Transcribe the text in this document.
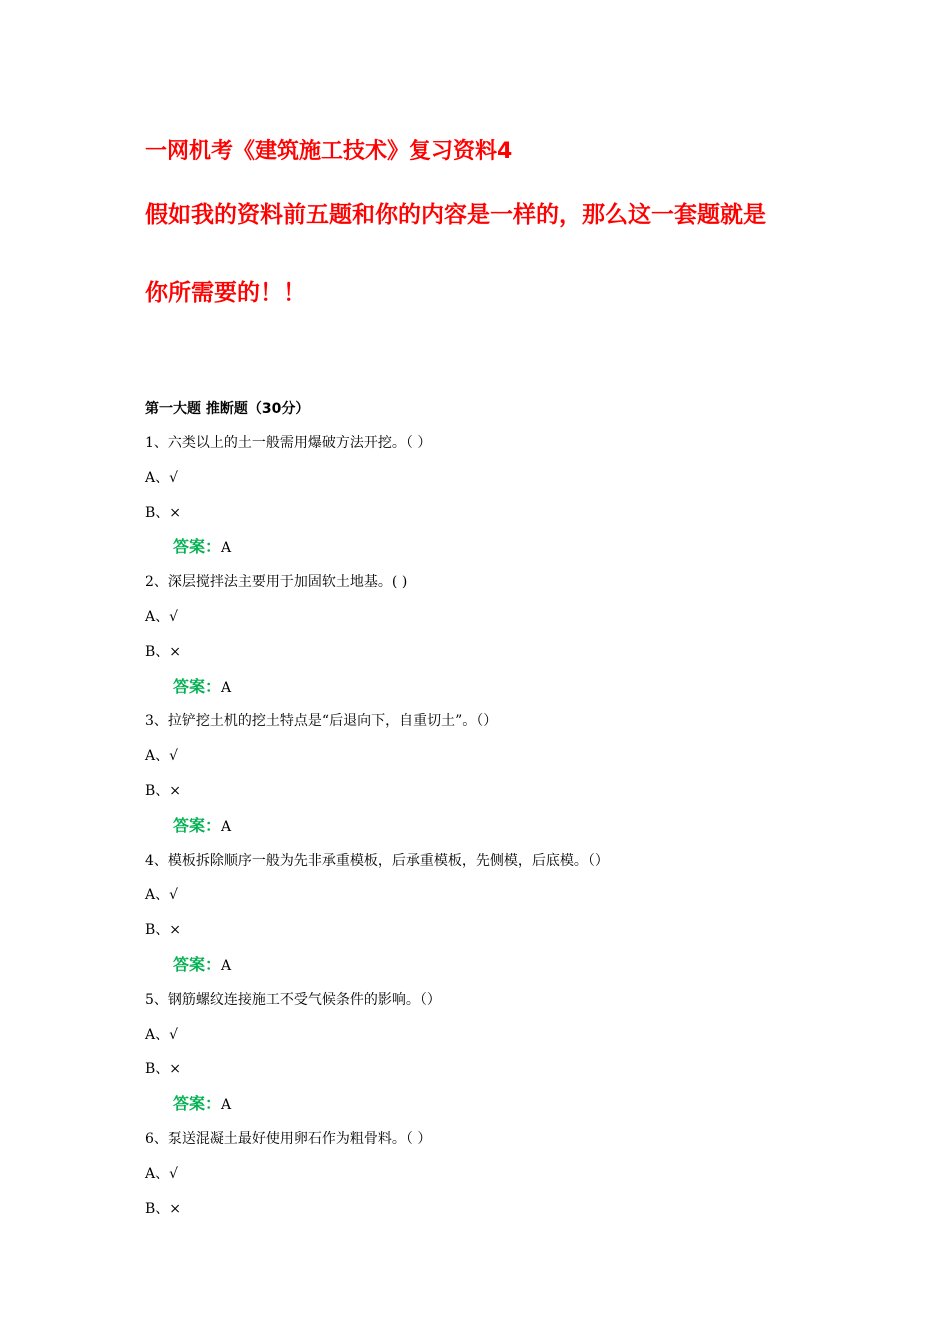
一网机考《建筑施工技术》复习资料4
假如我的资料前五题和你的内容是一样的，那么这一套题就是
你所需要的！！
第一大题 推断题（30分）
1、六类以上的土一般需用爆破方法开挖。（ ）
A、√
B、×
答案：A
2、深层搅拌法主要用于加固软土地基。( )
A、√
B、×
答案：A
3、拉铲挖土机的挖土特点是“后退向下，自重切土”。（）
A、√
B、×
答案：A
4、模板拆除顺序一般为先非承重模板，后承重模板，先侧模，后底模。（）
A、√
B、×
答案：A
5、钢筋螺纹连接施工不受气候条件的影响。（）
A、√
B、×
答案：A
6、泵送混凝土最好使用卵石作为粗骨料。（ ）
A、√
B、×
